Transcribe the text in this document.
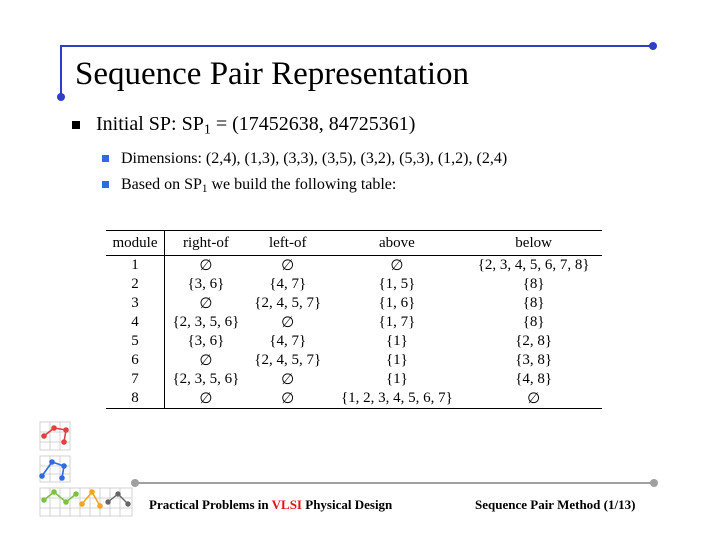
Sequence Pair Representation
Initial SP: $SP_1 = (17452638$, 84725361)
Dimensions: (2,4), (1,3), (3,3), (3,5), (3,2), (5,3), (1,2), (2,4)
Based on $SP_1$ we build the following table:
module	right-of	left-of	above	below
1	∅	∅	∅	{2, 3, 4, 5, 6, 7, 8}
2	{3, 6}	{4, 7}	{1, 5}	{8}
3	∅	{2, 4, 5, 7}	{1, 6}	{8}
4	{2, 3, 5, 6}	∅	{1, 7}	{8}
5	{3, 6}	{4, 7}	{1}	{2, 8}
6	∅	{2, 4, 5, 7}	{1}	{3, 8}
7	{2, 3, 5, 6}	∅	{1}	{4, 8}
8	∅	∅	{1, 2, 3, 4, 5, 6, 7}	∅
Practical Problems in VLSI Physical Design	Sequence Pair Method (1/13)
